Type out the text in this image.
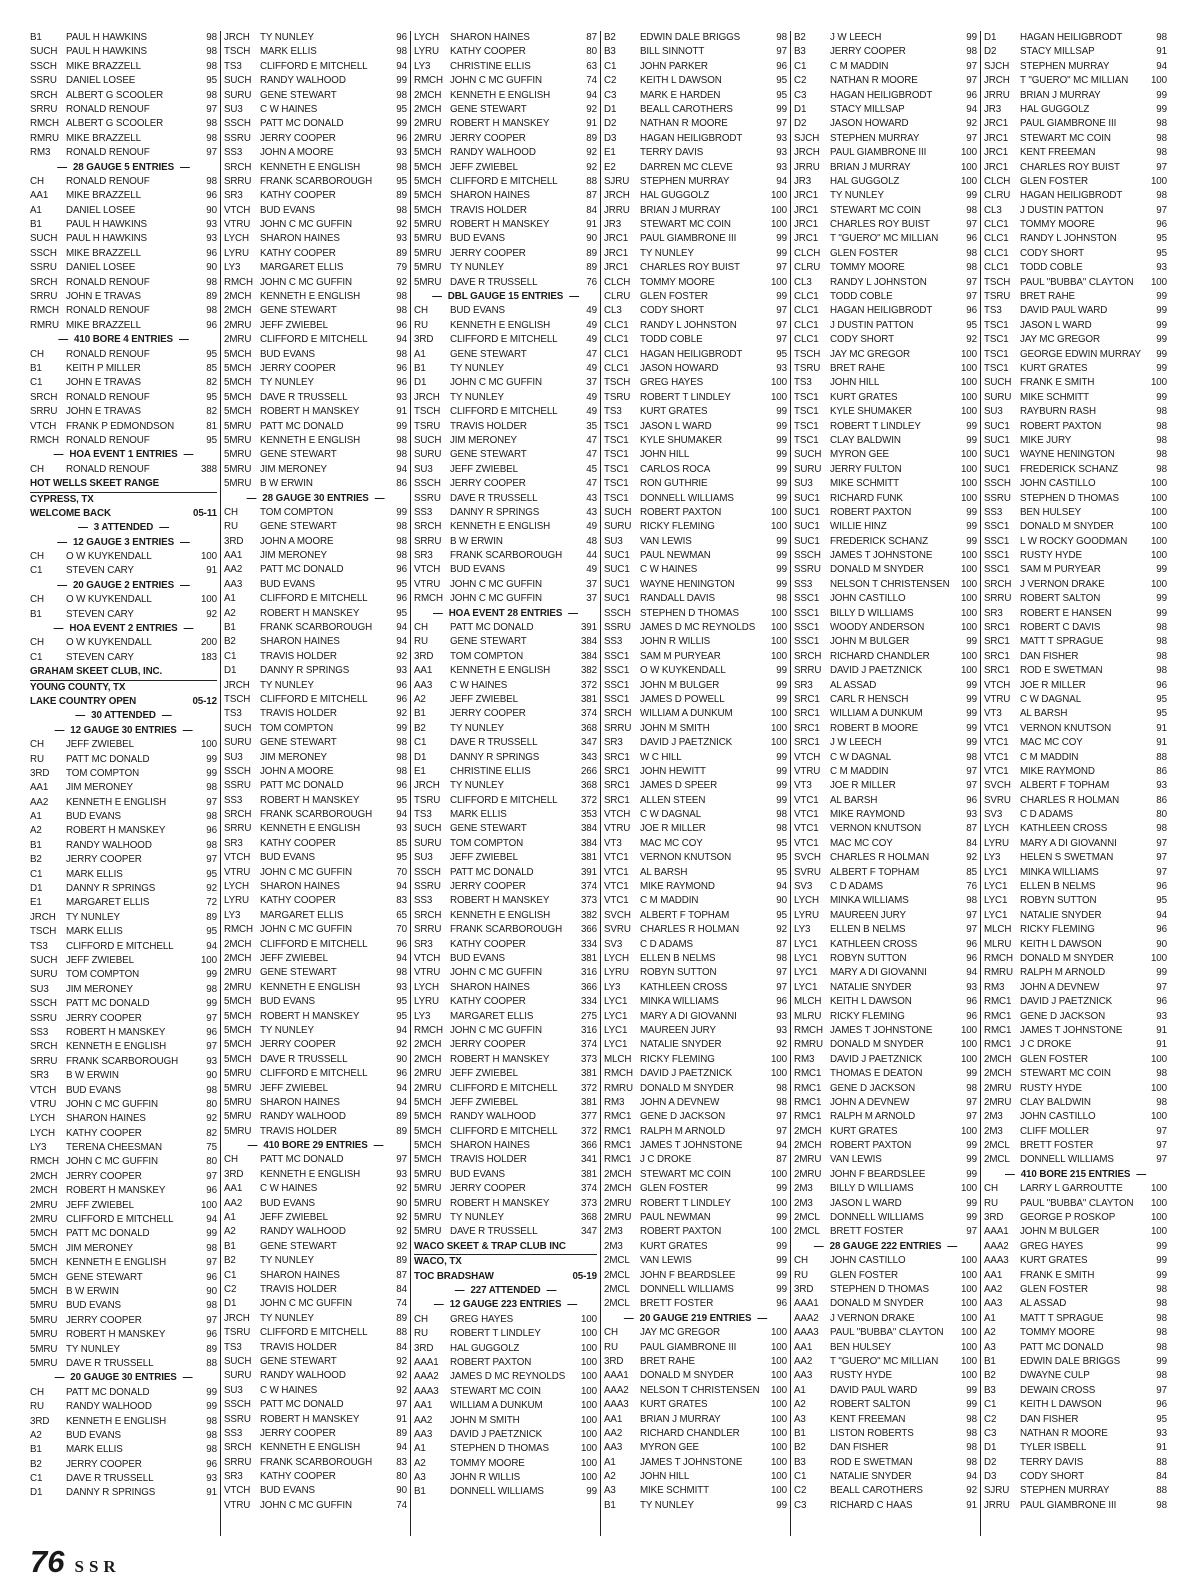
B1	PAUL H HAWKINS	98
SUCH PAUL H HAWKINS	98
SSCH MIKE BRAZZELL	98
SSRU DANIEL LOSEE	95
SRCH ALBERT G SCOOLER	98
SRRU RONALD RENOUF	97
RMCH ALBERT G SCOOLER	98
RMRU MIKE BRAZZELL	98
RM3	RONALD RENOUF	97
— 28 GAUGE 5 ENTRIES —
CH	RONALD RENOUF	98
AA1	MIKE BRAZZELL	96
A1	DANIEL LOSEE	90
B1	PAUL H HAWKINS	93
SUCH PAUL H HAWKINS	93
SSCH MIKE BRAZZELL	96
SSRU DANIEL LOSEE	90
SRCH RONALD RENOUF	98
SRRU JOHN E TRAVAS	89
RMCH RONALD RENOUF	98
RMRU MIKE BRAZZELL	96
— 410 BORE 4 ENTRIES —
CH	RONALD RENOUF	95
B1	KEITH P MILLER	85
C1	JOHN E TRAVAS	82
SRCH RONALD RENOUF	95
SRRU JOHN E TRAVAS	82
VTCH FRANK P EDMONDSON	81
RMCH RONALD RENOUF	95
— HOA EVENT 1 ENTRIES —
CH	RONALD RENOUF	388
HOT WELLS SKEET RANGE
CYPRESS, TX
WELCOME BACK	05-11
— 3 ATTENDED —
— 12 GAUGE 3 ENTRIES —
CH	O W KUYKENDALL	100
C1	STEVEN CARY	91
— 20 GAUGE 2 ENTRIES —
CH	O W KUYKENDALL	100
B1	STEVEN CARY	92
— HOA EVENT 2 ENTRIES —
CH	O W KUYKENDALL	200
C1	STEVEN CARY	183
GRAHAM SKEET CLUB, INC.
YOUNG COUNTY, TX
LAKE COUNTRY OPEN	05-12
— 30 ATTENDED —
— 12 GAUGE 30 ENTRIES —
CH	JEFF ZWIEBEL	100
RU	PATT MC DONALD	99
3RD	TOM COMPTON	99
AA1	JIM MERONEY	98
AA2	KENNETH E ENGLISH	97
A1	BUD EVANS	98
A2	ROBERT H MANSKEY	96
B1	RANDY WALHOOD	98
B2	JERRY COOPER	97
C1	MARK ELLIS	95
D1	DANNY R SPRINGS	92
E1	MARGARET ELLIS	72
JRCH	TY NUNLEY	89
TSCH MARK ELLIS	95
TS3	CLIFFORD E MITCHELL	94
SUCH JEFF ZWIEBEL	100
SURU TOM COMPTON	99
SU3	JIM MERONEY	98
SSCH PATT MC DONALD	99
SSRU JERRY COOPER	97
SS3	ROBERT H MANSKEY	96
SRCH KENNETH E ENGLISH	97
SRRU FRANK SCARBOROUGH	93
SR3	B W ERWIN	90
VTCH BUD EVANS	98
VTRU JOHN C MC GUFFIN	80
LYCH	SHARON HAINES	92
LYCH	KATHY COOPER	82
LY3	TERENA CHEESMAN	75
RMCH JOHN C MC GUFFIN	80
2MCH JERRY COOPER	97
2MCH ROBERT H MANSKEY	96
2MRU JEFF ZWIEBEL	100
2MRU CLIFFORD E MITCHELL	94
5MCH PATT MC DONALD	99
5MCH JIM MERONEY	98
5MCH KENNETH E ENGLISH	97
5MCH GENE STEWART	96
5MCH B W ERWIN	90
5MRU BUD EVANS	98
5MRU JERRY COOPER	97
5MRU ROBERT H MANSKEY	96
5MRU TY NUNLEY	89
5MRU DAVE R TRUSSELL	88
— 20 GAUGE 30 ENTRIES —
CH	PATT MC DONALD	99
RU	RANDY WALHOOD	99
3RD	KENNETH E ENGLISH	98
A2	BUD EVANS	98
B1	MARK ELLIS	98
B2	JERRY COOPER	96
C1	DAVE R TRUSSELL	93
D1	DANNY R SPRINGS	91
JRCH	TY NUNLEY	96
TSCH MARK ELLIS	98
TS3	CLIFFORD E MITCHELL	94
SUCH RANDY WALHOOD	99
SURU GENE STEWART	98
SU3	C W HAINES	95
SSCH PATT MC DONALD	99
SSRU JERRY COOPER	96
SS3	JOHN A MOORE	93
SRCH KENNETH E ENGLISH	98
SRRU FRANK SCARBOROUGH	95
SR3	KATHY COOPER	89
VTCH BUD EVANS	98
VTRU JOHN C MC GUFFIN	92
LYCH	SHARON HAINES	93
LYRU	KATHY COOPER	89
LY3	MARGARET ELLIS	79
RMCH JOHN C MC GUFFIN	92
2MCH KENNETH E ENGLISH	98
2MCH GENE STEWART	98
2MRU JEFF ZWIEBEL	96
2MRU CLIFFORD E MITCHELL	94
5MCH BUD EVANS	98
5MCH JERRY COOPER	96
5MCH TY NUNLEY	96
5MCH DAVE R TRUSSELL	93
5MCH ROBERT H MANSKEY	91
5MRU PATT MC DONALD	99
5MRU KENNETH E ENGLISH	98
5MRU GENE STEWART	98
5MRU JIM MERONEY	94
5MRU B W ERWIN	86
— 28 GAUGE 30 ENTRIES —
CH	TOM COMPTON	99
RU	GENE STEWART	98
3RD	JOHN A MOORE	98
AA1	JIM MERONEY	98
AA2	PATT MC DONALD	96
AA3	BUD EVANS	95
A1	CLIFFORD E MITCHELL	96
A2	ROBERT H MANSKEY	95
B1	FRANK SCARBOROUGH	94
B2	SHARON HAINES	94
C1	TRAVIS HOLDER	92
D1	DANNY R SPRINGS	93
JRCH	TY NUNLEY	96
TSCH CLIFFORD E MITCHELL	96
TS3	TRAVIS HOLDER	92
SUCH TOM COMPTON	99
SURU GENE STEWART	98
SU3	JIM MERONEY	98
SSCH JOHN A MOORE	98
SSRU PATT MC DONALD	96
SS3	ROBERT H MANSKEY	95
SRCH FRANK SCARBOROUGH	94
SRRU KENNETH E ENGLISH	93
SR3	KATHY COOPER	85
VTCH BUD EVANS	95
VTRU JOHN C MC GUFFIN	70
LYCH	SHARON HAINES	94
LYRU	KATHY COOPER	83
LY3	MARGARET ELLIS	65
RMCH JOHN C MC GUFFIN	70
2MCH CLIFFORD E MITCHELL	96
2MCH JEFF ZWIEBEL	94
2MRU GENE STEWART	98
2MRU KENNETH E ENGLISH	93
5MCH BUD EVANS	95
5MCH ROBERT H MANSKEY	95
5MCH TY NUNLEY	94
5MCH JERRY COOPER	92
5MCH DAVE R TRUSSELL	90
5MRU CLIFFORD E MITCHELL	96
5MRU JEFF ZWIEBEL	94
5MRU SHARON HAINES	94
5MRU RANDY WALHOOD	89
5MRU TRAVIS HOLDER	89
— 410 BORE 29 ENTRIES —
CH	PATT MC DONALD	97
3RD	KENNETH E ENGLISH	93
AA1	C W HAINES	92
AA2	BUD EVANS	90
A1	JEFF ZWIEBEL	92
A2	RANDY WALHOOD	92
B1	GENE STEWART	92
B2	TY NUNLEY	89
C1	SHARON HAINES	87
C2	TRAVIS HOLDER	84
D1	JOHN C MC GUFFIN	74
JRCH	TY NUNLEY	89
TSRU CLIFFORD E MITCHELL	88
TS3	TRAVIS HOLDER	84
SUCH GENE STEWART	92
SURU RANDY WALHOOD	92
SU3	C W HAINES	92
SSCH PATT MC DONALD	97
SSRU ROBERT H MANSKEY	91
SS3	JERRY COOPER	89
SRCH KENNETH E ENGLISH	94
SRRU FRANK SCARBOROUGH	83
SR3	KATHY COOPER	80
VTCH BUD EVANS	90
VTRU JOHN C MC GUFFIN	74
LYCH	SHARON HAINES	87
LYRU	KATHY COOPER	80
LY3	CHRISTINE ELLIS	63
RMCH JOHN C MC GUFFIN	74
2MCH KENNETH E ENGLISH	94
2MCH GENE STEWART	92
2MRU ROBERT H MANSKEY	91
2MRU JERRY COOPER	89
5MCH RANDY WALHOOD	92
5MCH JEFF ZWIEBEL	92
5MCH CLIFFORD E MITCHELL	88
5MCH SHARON HAINES	87
5MCH TRAVIS HOLDER	84
5MRU ROBERT H MANSKEY	91
5MRU BUD EVANS	90
5MRU JERRY COOPER	89
5MRU TY NUNLEY	89
5MRU DAVE R TRUSSELL	76
— DBL GAUGE 15 ENTRIES —
CH	BUD EVANS	49
RU	KENNETH E ENGLISH	49
3RD	CLIFFORD E MITCHELL	49
A1	GENE STEWART	47
B1	TY NUNLEY	49
D1	JOHN C MC GUFFIN	37
JRCH	TY NUNLEY	49
TSCH CLIFFORD E MITCHELL	49
TSRU TRAVIS HOLDER	35
SUCH JIM MERONEY	47
SURU GENE STEWART	47
SU3	JEFF ZWIEBEL	45
SSCH JERRY COOPER	47
SSRU DAVE R TRUSSELL	43
SS3	DANNY R SPRINGS	43
SRCH KENNETH E ENGLISH	49
SRRU B W ERWIN	48
SR3	FRANK SCARBOROUGH	44
VTCH BUD EVANS	49
VTRU JOHN C MC GUFFIN	37
RMCH JOHN C MC GUFFIN	37
— HOA EVENT 28 ENTRIES —
CH	PATT MC DONALD	391
RU	GENE STEWART	384
3RD	TOM COMPTON	384
AA1	KENNETH E ENGLISH	382
AA3	C W HAINES	372
A2	JEFF ZWIEBEL	381
B1	JERRY COOPER	374
B2	TY NUNLEY	368
C1	DAVE R TRUSSELL	347
D1	DANNY R SPRINGS	343
E1	CHRISTINE ELLIS	266
JRCH	TY NUNLEY	368
TSRU CLIFFORD E MITCHELL	372
TS3	MARK ELLIS	353
SUCH GENE STEWART	384
SURU TOM COMPTON	384
SU3	JEFF ZWIEBEL	381
SSCH PATT MC DONALD	391
SSRU JERRY COOPER	374
SS3	ROBERT H MANSKEY	373
SRCH KENNETH E ENGLISH	382
SRRU FRANK SCARBOROUGH	366
SR3	KATHY COOPER	334
VTCH BUD EVANS	381
VTRU JOHN C MC GUFFIN	316
LYCH	SHARON HAINES	366
LYRU	KATHY COOPER	334
LY3	MARGARET ELLIS	275
RMCH JOHN C MC GUFFIN	316
2MCH JERRY COOPER	374
2MCH ROBERT H MANSKEY	373
2MRU JEFF ZWIEBEL	381
2MRU CLIFFORD E MITCHELL	372
5MCH JEFF ZWIEBEL	381
5MCH RANDY WALHOOD	377
5MCH CLIFFORD E MITCHELL	372
5MCH SHARON HAINES	366
5MCH TRAVIS HOLDER	341
5MRU BUD EVANS	381
5MRU JERRY COOPER	374
5MRU ROBERT H MANSKEY	373
5MRU TY NUNLEY	368
5MRU DAVE R TRUSSELL	347
WACO SKEET & TRAP CLUB INC
WACO, TX
TOC BRADSHAW	05-19
— 227 ATTENDED —
— 12 GAUGE 223 ENTRIES —
CH	GREG HAYES	100
RU	ROBERT T LINDLEY	100
3RD	HAL GUGGOLZ	100
AAA1	ROBERT PAXTON	100
AAA2	JAMES D MC REYNOLDS	100
AAA3	STEWART MC COIN	100
AA1	WILLIAM A DUNKUM	100
AA2	JOHN M SMITH	100
AA3	DAVID J PAETZNICK	100
A1	STEPHEN D THOMAS	100
A2	TOMMY MOORE	100
A3	JOHN R WILLIS	100
B1	DONNELL WILLIAMS	99
B2	EDWIN DALE BRIGGS	98
B3	BILL SINNOTT	97
C1	JOHN PARKER	96
C2	KEITH L DAWSON	95
C3	MARK E HARDEN	95
D1	BEALL CAROTHERS	99
D2	NATHAN R MOORE	97
D3	HAGAN HEILIGBRODT	93
E1	TERRY DAVIS	93
E2	DARREN MC CLEVE	93
SJRU	STEPHEN MURRAY	94
JRCH	HAL GUGGOLZ	100
JRRU	BRIAN J MURRAY	100
JR3	STEWART MC COIN	100
JRC1	PAUL GIAMBRONE III	99
JRC1	TY NUNLEY	99
JRC1	CHARLES ROY BUIST	97
CLCH TOMMY MOORE	100
CLRU GLEN FOSTER	99
CL3	CODY SHORT	97
CLC1	RANDY L JOHNSTON	97
CLC1	TODD COBLE	97
CLC1	HAGAN HEILIGBRODT	95
CLC1	JASON HOWARD	93
TSCH GREG HAYES	100
TSRU ROBERT T LINDLEY	100
TS3	KURT GRATES	99
TSC1	JASON L WARD	99
TSC1	KYLE SHUMAKER	99
TSC1	JOHN HILL	99
TSC1	CARLOS ROCA	99
TSC1	RON GUTHRIE	99
TSC1	DONNELL WILLIAMS	99
SUCH ROBERT PAXTON	100
SURU RICKY FLEMING	100
SU3	VAN LEWIS	99
SUC1	PAUL NEWMAN	99
SUC1	C W HAINES	99
SUC1	WAYNE HENINGTON	99
SUC1	RANDALL DAVIS	98
SSCH STEPHEN D THOMAS	100
SSRU JAMES D MC REYNOLDS	100
SS3	JOHN R WILLIS	100
SSC1	SAM M PURYEAR	100
SSC1	O W KUYKENDALL	99
SSC1	JOHN M BULGER	99
SSC1	JAMES D POWELL	99
SRCH WILLIAM A DUNKUM	100
SRRU JOHN M SMITH	100
SR3	DAVID J PAETZNICK	100
SRC1	W C HILL	99
SRC1	JOHN HEWITT	99
SRC1	JAMES D SPEER	99
SRC1	ALLEN STEEN	99
VTCH C W DAGNAL	98
VTRU JOE R MILLER	98
VT3	MAC MC COY	95
VTC1	VERNON KNUTSON	95
VTC1	AL BARSH	95
VTC1	MIKE RAYMOND	94
VTC1	C M MADDIN	90
SVCH ALBERT F TOPHAM	95
SVRU CHARLES R HOLMAN	92
SV3	C D ADAMS	87
LYCH	ELLEN B NELMS	98
LYRU	ROBYN SUTTON	97
LY3	KATHLEEN CROSS	97
LYC1	MINKA WILLIAMS	96
LYC1	MARY A DI GIOVANNI	93
LYC1	MAUREEN JURY	93
LYC1	NATALIE SNYDER	92
MLCH RICKY FLEMING	100
RMCH DAVID J PAETZNICK	100
RMRU DONALD M SNYDER	98
RM3	JOHN A DEVNEW	98
RMC1 GENE D JACKSON	97
RMC1 RALPH M ARNOLD	97
RMC1 JAMES T JOHNSTONE	94
RMC1 J C DROKE	87
2MCH STEWART MC COIN	100
2MCH GLEN FOSTER	99
2MRU ROBERT T LINDLEY	100
2MRU PAUL NEWMAN	99
2M3	ROBERT PAXTON	100
2M3	KURT GRATES	99
2MCL	VAN LEWIS	99
2MCL	JOHN F BEARDSLEE	99
2MCL	DONNELL WILLIAMS	99
2MCL	BRETT FOSTER	96
— 20 GAUGE 219 ENTRIES —
CH	JAY MC GREGOR	100
RU	PAUL GIAMBRONE III	100
3RD	BRET RAHE	100
AAA1	DONALD M SNYDER	100
AAA2	NELSON T CHRISTENSEN	100
AAA3	KURT GRATES	100
AA1	BRIAN J MURRAY	100
AA2	RICHARD CHANDLER	100
AA3	MYRON GEE	100
A1	JAMES T JOHNSTONE	100
A2	JOHN HILL	100
A3	MIKE SCHMITT	100
B1	TY NUNLEY	99
B2	J W LEECH	99
B3	JERRY COOPER	98
C1	C M MADDIN	97
C2	NATHAN R MOORE	97
C3	HAGAN HEILIGBRODT	96
D1	STACY MILLSAP	94
D2	JASON HOWARD	92
SJCH	STEPHEN MURRAY	97
JRCH	PAUL GIAMBRONE III	100
JRRU	BRIAN J MURRAY	100
JR3	HAL GUGGOLZ	100
JRC1	TY NUNLEY	99
JRC1	STEWART MC COIN	98
JRC1	CHARLES ROY BUIST	97
JRC1	T "GUERO" MC MILLIAN	96
CLCH GLEN FOSTER	98
CLRU TOMMY MOORE	98
CL3	RANDY L JOHNSTON	97
CLC1	TODD COBLE	97
CLC1	HAGAN HEILIGBRODT	96
CLC1	J DUSTIN PATTON	95
CLC1	CODY SHORT	92
TSCH JAY MC GREGOR	100
TSRU BRET RAHE	100
TS3	JOHN HILL	100
TSC1	KURT GRATES	100
TSC1	KYLE SHUMAKER	100
TSC1	ROBERT T LINDLEY	99
TSC1	CLAY BALDWIN	99
SUCH MYRON GEE	100
SURU JERRY FULTON	100
SU3	MIKE SCHMITT	100
SUC1	RICHARD FUNK	100
SUC1	ROBERT PAXTON	99
SUC1	WILLIE HINZ	99
SUC1	FREDERICK SCHANZ	99
SSCH JAMES T JOHNSTONE	100
SSRU DONALD M SNYDER	100
SS3	NELSON T CHRISTENSEN	100
SSC1	JOHN CASTILLO	100
SSC1	BILLY D WILLIAMS	100
SSC1	WOODY ANDERSON	100
SSC1	JOHN M BULGER	99
SRCH RICHARD CHANDLER	100
SRRU DAVID J PAETZNICK	100
SR3	AL ASSAD	99
SRC1	CARL R HENSCH	99
SRC1	WILLIAM A DUNKUM	99
SRC1	ROBERT B MOORE	99
SRC1	J W LEECH	99
VTCH C W DAGNAL	98
VTRU C M MADDIN	97
VT3	JOE R MILLER	97
VTC1	AL BARSH	96
VTC1	MIKE RAYMOND	93
VTC1	VERNON KNUTSON	87
VTC1	MAC MC COY	84
SVCH CHARLES R HOLMAN	92
SVRU ALBERT F TOPHAM	85
SV3	C D ADAMS	76
LYCH	MINKA WILLIAMS	98
LYRU	MAUREEN JURY	97
LY3	ELLEN B NELMS	97
LYC1	KATHLEEN CROSS	96
LYC1	ROBYN SUTTON	96
LYC1	MARY A DI GIOVANNI	94
LYC1	NATALIE SNYDER	93
MLCH KEITH L DAWSON	96
MLRU RICKY FLEMING	96
RMCH JAMES T JOHNSTONE	100
RMRU DONALD M SNYDER	100
RM3	DAVID J PAETZNICK	100
RMC1 THOMAS E DEATON	99
RMC1 GENE D JACKSON	98
RMC1 JOHN A DEVNEW	97
RMC1 RALPH M ARNOLD	97
2MCH KURT GRATES	100
2MCH ROBERT PAXTON	99
2MRU VAN LEWIS	99
2MRU JOHN F BEARDSLEE	99
2M3	BILLY D WILLIAMS	100
2M3	JASON L WARD	99
2MCL	DONNELL WILLIAMS	99
2MCL	BRETT FOSTER	97
— 28 GAUGE 222 ENTRIES —
CH	JOHN CASTILLO	100
RU	GLEN FOSTER	100
3RD	STEPHEN D THOMAS	100
AAA1	DONALD M SNYDER	100
AAA2	J VERNON DRAKE	100
AAA3	PAUL "BUBBA" CLAYTON	100
AA1	BEN HULSEY	100
AA2	T "GUERO" MC MILLIAN	100
AA3	RUSTY HYDE	100
A1	DAVID PAUL WARD	99
A2	ROBERT SALTON	99
A3	KENT FREEMAN	98
B1	LISTON ROBERTS	98
B2	DAN FISHER	98
B3	ROD E SWETMAN	98
C1	NATALIE SNYDER	94
C2	BEALL CAROTHERS	92
C3	RICHARD C HAAS	91
D1	HAGAN HEILIGBRODT	98
D2	STACY MILLSAP	91
SJCH	STEPHEN MURRAY	94
JRCH	T "GUERO" MC MILLIAN	100
JRRU	BRIAN J MURRAY	99
JR3	HAL GUGGOLZ	99
JRC1	PAUL GIAMBRONE III	98
JRC1	STEWART MC COIN	98
JRC1	KENT FREEMAN	98
JRC1	CHARLES ROY BUIST	97
CLCH GLEN FOSTER	100
CLRU HAGAN HEILIGBRODT	98
CL3	J DUSTIN PATTON	97
CLC1	TOMMY MOORE	96
CLC1	RANDY L JOHNSTON	95
CLC1	CODY SHORT	95
CLC1	TODD COBLE	93
TSCH PAUL "BUBBA" CLAYTON	100
TSRU BRET RAHE	99
TS3	DAVID PAUL WARD	99
TSC1	JASON L WARD	99
TSC1	JAY MC GREGOR	99
TSC1	GEORGE EDWIN MURRAY	99
TSC1	KURT GRATES	99
SUCH FRANK E SMITH	100
SURU MIKE SCHMITT	99
SU3	RAYBURN RASH	98
SUC1	ROBERT PAXTON	98
SUC1	MIKE JURY	98
SUC1	WAYNE HENINGTON	98
SUC1	FREDERICK SCHANZ	98
SSCH JOHN CASTILLO	100
SSRU STEPHEN D THOMAS	100
SS3	BEN HULSEY	100
SSC1	DONALD M SNYDER	100
SSC1	L W ROCKY GOODMAN	100
SSC1	RUSTY HYDE	100
SSC1	SAM M PURYEAR	99
SRCH J VERNON DRAKE	100
SRRU ROBERT SALTON	99
SR3	ROBERT E HANSEN	99
SRC1	ROBERT C DAVIS	98
SRC1	MATT T SPRAGUE	98
SRC1	DAN FISHER	98
SRC1	ROD E SWETMAN	98
VTCH JOE R MILLER	96
VTRU C W DAGNAL	95
VT3	AL BARSH	95
VTC1	VERNON KNUTSON	91
VTC1	MAC MC COY	91
VTC1	C M MADDIN	88
VTC1	MIKE RAYMOND	86
SVCH ALBERT F TOPHAM	93
SVRU CHARLES R HOLMAN	86
SV3	C D ADAMS	80
LYCH	KATHLEEN CROSS	98
LYRU	MARY A DI GIOVANNI	97
LY3	HELEN S SWETMAN	97
LYC1	MINKA WILLIAMS	97
LYC1	ELLEN B NELMS	96
LYC1	ROBYN SUTTON	95
LYC1	NATALIE SNYDER	94
MLCH RICKY FLEMING	96
MLRU KEITH L DAWSON	90
RMCH DONALD M SNYDER	100
RMRU RALPH M ARNOLD	99
RM3	JOHN A DEVNEW	97
RMC1 DAVID J PAETZNICK	96
RMC1 GENE D JACKSON	93
RMC1 JAMES T JOHNSTONE	91
RMC1 J C DROKE	91
2MCH GLEN FOSTER	100
2MCH STEWART MC COIN	98
2MRU RUSTY HYDE	100
2MRU CLAY BALDWIN	98
2M3	JOHN CASTILLO	100
2M3	CLIFF MOLLER	97
2MCL	BRETT FOSTER	97
2MCL	DONNELL WILLIAMS	97
— 410 BORE 215 ENTRIES —
CH	LARRY L GARROUTTE	100
RU	PAUL "BUBBA" CLAYTON	100
3RD	GEORGE P ROSKOP	100
AAA1	JOHN M BULGER	100
AAA2	GREG HAYES	99
AAA3	KURT GRATES	99
AA1	FRANK E SMITH	99
AA2	GLEN FOSTER	98
AA3	AL ASSAD	98
A1	MATT T SPRAGUE	98
A2	TOMMY MOORE	98
A3	PATT MC DONALD	98
B1	EDWIN DALE BRIGGS	99
B2	DWAYNE CULP	98
B3	DEWAIN CROSS	97
C1	KEITH L DAWSON	96
C2	DAN FISHER	95
C3	NATHAN R MOORE	93
D1	TYLER ISBELL	91
D2	TERRY DAVIS	88
D3	CODY SHORT	84
SJRU	STEPHEN MURRAY	88
JRRU	PAUL GIAMBRONE III	98
76 SSR
